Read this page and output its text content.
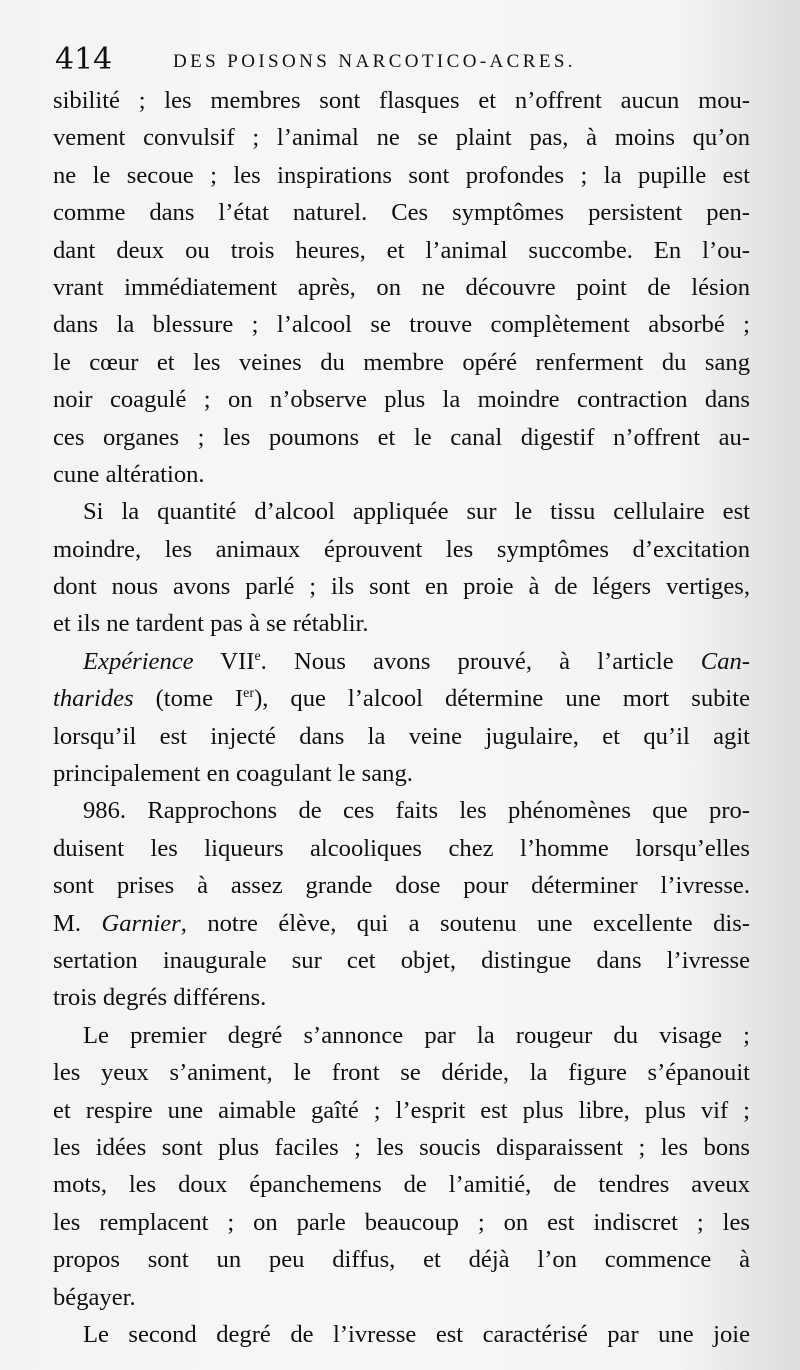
414	DES POISONS NARCOTICO-ACRES.
sibilité ; les membres sont flasques et n’offrent aucun mou-
vement convulsif ; l’animal ne se plaint pas, à moins qu’on
ne le secoue ; les inspirations sont profondes ; la pupille est
comme dans l’état naturel. Ces symptômes persistent pen-
dant deux ou trois heures, et l’animal succombe. En l’ou-
vrant immédiatement après, on ne découvre point de lésion
dans la blessure ; l’alcool se trouve complètement absorbé ;
le cœur et les veines du membre opéré renferment du sang
noir coagulé ; on n’observe plus la moindre contraction dans
ces organes ; les poumons et le canal digestif n’offrent au-
cune altération.
Si la quantité d’alcool appliquée sur le tissu cellulaire est
moindre, les animaux éprouvent les symptômes d’excitation
dont nous avons parlé ; ils sont en proie à de légers vertiges,
et ils ne tardent pas à se rétablir.
Expérience VIIe. Nous avons prouvé, à l’article Can-
tharides (tome Ier), que l’alcool détermine une mort subite
lorsqu’il est injecté dans la veine jugulaire, et qu’il agit
principalement en coagulant le sang.
986. Rapprochons de ces faits les phénomènes que pro-
duisent les liqueurs alcooliques chez l’homme lorsqu’elles
sont prises à assez grande dose pour déterminer l’ivresse.
M. Garnier, notre élève, qui a soutenu une excellente dis-
sertation inaugurale sur cet objet, distingue dans l’ivresse
trois degrés différens.
Le premier degré s’annonce par la rougeur du visage ;
les yeux s’animent, le front se déride, la figure s’épanouit
et respire une aimable gaîté ; l’esprit est plus libre, plus vif ;
les idées sont plus faciles ; les soucis disparaissent ; les bons
mots, les doux épanchemens de l’amitié, de tendres aveux
les remplacent ; on parle beaucoup ; on est indiscret ; les
propos sont un peu diffus, et déjà l’on commence à
bégayer.
Le second degré de l’ivresse est caractérisé par une joie
